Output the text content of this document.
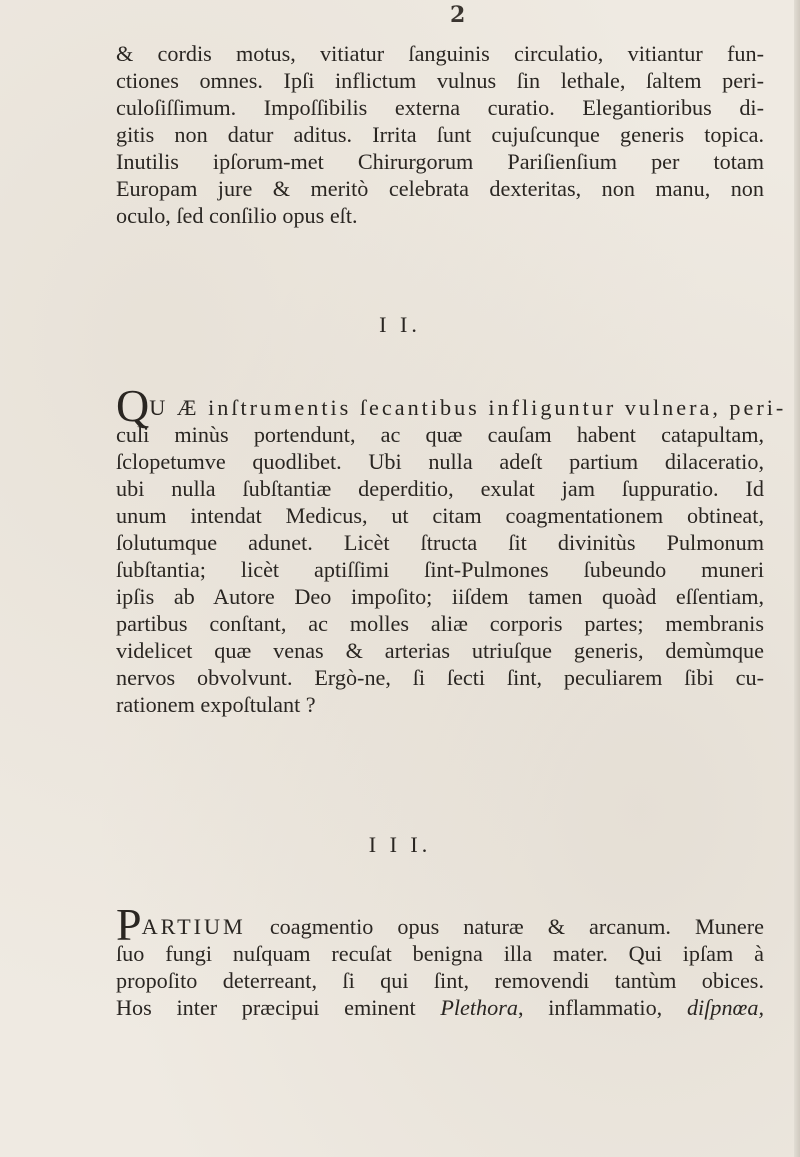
2
& cordis motus, vitiatur ſanguinis circulatio, vitiantur fun-
ctiones omnes. Ipſi inflictum vulnus ſin lethale, ſaltem peri-
culoſiſſimum. Impoſſibilis externa curatio. Elegantioribus di-
gitis non datur aditus. Irrita ſunt cujuſcunque generis topica.
Inutilis ipſorum-met Chirurgorum Pariſienſium per totam
Europam jure & meritò celebrata dexteritas, non manu, non
oculo, ſed conſilio opus eſt.
I I.
QU Æ inſtrumentis ſecantibus infliguntur vulnera, peri-
culi minùs portendunt, ac quæ cauſam habent catapultam,
ſclopetumve quodlibet. Ubi nulla adeſt partium dilaceratio,
ubi nulla ſubſtantiæ deperditio, exulat jam ſuppuratio. Id
unum intendat Medicus, ut citam coagmentationem obtineat,
ſolutumque adunet. Licèt ſtructa ſit divinitùs Pulmonum
ſubſtantia; licèt aptiſſimi ſint-Pulmones ſubeundo muneri
ipſis ab Autore Deo impoſito; iiſdem tamen quoàd eſſentiam,
partibus conſtant, ac molles aliæ corporis partes; membranis
videlicet quæ venas & arterias utriuſque generis, demùmque
nervos obvolvunt. Ergò-ne, ſi ſecti ſint, peculiarem ſibi cu-
rationem expoſtulant ?
I I I.
PARTIUM coagmentio opus naturæ & arcanum. Munere
ſuo fungi nuſquam recuſat benigna illa mater. Qui ipſam à
propoſito deterreant, ſi qui ſint, removendi tantùm obices.
Hos inter præcipui eminent Plethora, inflammatio, diſpnœa,
